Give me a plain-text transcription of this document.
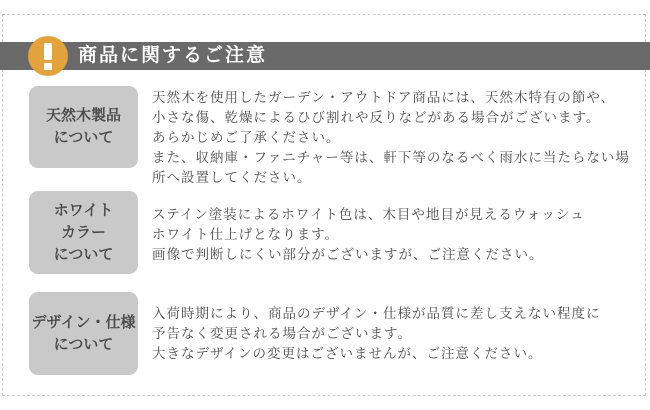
商品に関するご注意
天然木製品
について
天然木を使用したガーデン・アウトドア商品には、天然木特有の節や、
小さな傷、乾燥によるひび割れや反りなどがある場合がございます。
あらかじめご了承ください。
また、収納庫・ファニチャー等は、軒下等のなるべく雨水に当たらない場
所へ設置してください。
ホワイト
カラー
について
ステイン塗装によるホワイト色は、木目や地目が見えるウォッシュ
ホワイト仕上げとなります。
画像で判断しにくい部分がございますが、ご注意ください。
デザイン・仕様
について
入荷時期により、商品のデザイン・仕様が品質に差し支えない程度に
予告なく変更される場合がございます。
大きなデザインの変更はございませんが、ご注意ください。
